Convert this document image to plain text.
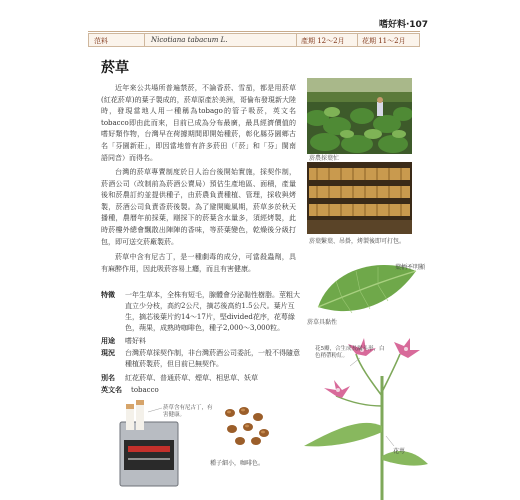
嗜好料‧107
范料	Nicotiana tabacum L.	產期 12～2月 花期 11～2月
菸草
近年來公共場所普遍禁菸，不論香菸、雪茄，都是用菸草(紅花菸草)的葉子製成的，菸草原產於美洲，哥倫布發現新大陸時，發現當地人用一種稱為tobago的管子吸菸，英文名tobacco即由此而來，目前已成為分布最廣，最具經濟價值的嗜好類作物，台灣早在荷據期間即開始種菸，彰化縣芬園鄉古名「芬園新莊」，即因當地曾有許多菸田（「菸」和「芬」閩南語同音）而得名。
台灣的菸草專賣制度於日人治台後開始實施，採契作制，菸酒公司（改制前為菸酒公賣局）預估生產地區、面積，產量後和菸農訂約並提供種子，由菸農負責種植、管理，採收與烤製，菸酒公司負責香菸後製。為了避開颱風期，菸草多於秋天播種，農曆年前採葉，剛採下的菸葉含水量多，須經烤製，此時菸樓外總會飄散出陣陣的香味，等菸葉變色，乾燥後分級打包，即可送交菸廠製菸。
菸草中含有尼古丁，是一種劇毒的成分，可當殺蟲劑，具有麻醉作用，因此吸菸容易上癮，而且有害健康。
特徵 一年生草本，全株有短毛，腺體會分泌黏性樹脂。莖粗大直立少分枝，高約2公尺，摘芯後高約1.5公尺。葉片互生，摘芯後葉片約14～17片，堅divided花序，花萼綠色，蒴果，成熟時咖啡色，種子2,000～3,000粒。
用途 嗜好料
現況 台灣菸草採契作制，非台灣菸酒公司委託，一般不得隨意種植菸製菸，但目前已無契作。
別名 紅花菸草、普通菸草、煙草、相思草、妖草
英文名 tobacco
菸農採葉忙
菸葉繫葉、吊掛，烤製後即可打包。
葉柄不明顯
菸草具黏性
花5瓣，合生成長漏斗形，白色稍帶粉紅。
花萼
菸草含有尼古丁，有害健康。
種子細小，咖啡色。
